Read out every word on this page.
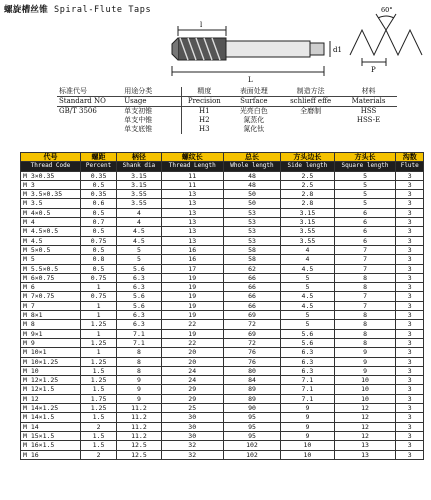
螺旋槽丝锥 Spiral-Flute Taps
l
L
d1
60°
P
标准代号	用途分类	精度	表面处理	制造方法	材料
Standard NO	Usage	Precision	Surface	schlieff effe	Materials
GB/T 3506	单支初锥	H1	光亮白色	全磨制	HSS
	单支中锥	H2	氮蒸化		HSS-E
	单支底锥	H3	氮化钛		
代号	螺距	柄径	螺纹长	总长	方头边长	方头长	沟数
Thread Code	Percent	Shank dia	Thread Length	Whole length	Side length	Square length	Flute
M 3×0.35	0.35	3.15	11	48	2.5	5	3
M 3	0.5	3.15	11	48	2.5	5	3
M 3.5×0.35	0.35	3.55	13	50	2.8	5	3
M 3.5	0.6	3.55	13	50	2.8	5	3
M 4×0.5	0.5	4	13	53	3.15	6	3
M 4	0.7	4	13	53	3.15	6	3
M 4.5×0.5	0.5	4.5	13	53	3.55	6	3
M 4.5	0.75	4.5	13	53	3.55	6	3
M 5×0.5	0.5	5	16	58	4	7	3
M 5	0.8	5	16	58	4	7	3
M 5.5×0.5	0.5	5.6	17	62	4.5	7	3
M 6×0.75	0.75	6.3	19	66	5	8	3
M 6	1	6.3	19	66	5	8	3
M 7×0.75	0.75	5.6	19	66	4.5	7	3
M 7	1	5.6	19	66	4.5	7	3
M 8×1	1	6.3	19	69	5	8	3
M 8	1.25	6.3	22	72	5	8	3
M 9×1	1	7.1	19	69	5.6	8	3
M 9	1.25	7.1	22	72	5.6	8	3
M 10×1	1	8	20	76	6.3	9	3
M 10×1.25	1.25	8	20	76	6.3	9	3
M 10	1.5	8	24	80	6.3	9	3
M 12×1.25	1.25	9	24	84	7.1	10	3
M 12×1.5	1.5	9	29	89	7.1	10	3
M 12	1.75	9	29	89	7.1	10	3
M 14×1.25	1.25	11.2	25	90	9	12	3
M 14×1.5	1.5	11.2	30	95	9	12	3
M 14	2	11.2	30	95	9	12	3
M 15×1.5	1.5	11.2	30	95	9	12	3
M 16×1.5	1.5	12.5	32	102	10	13	3
M 16	2	12.5	32	102	10	13	3
